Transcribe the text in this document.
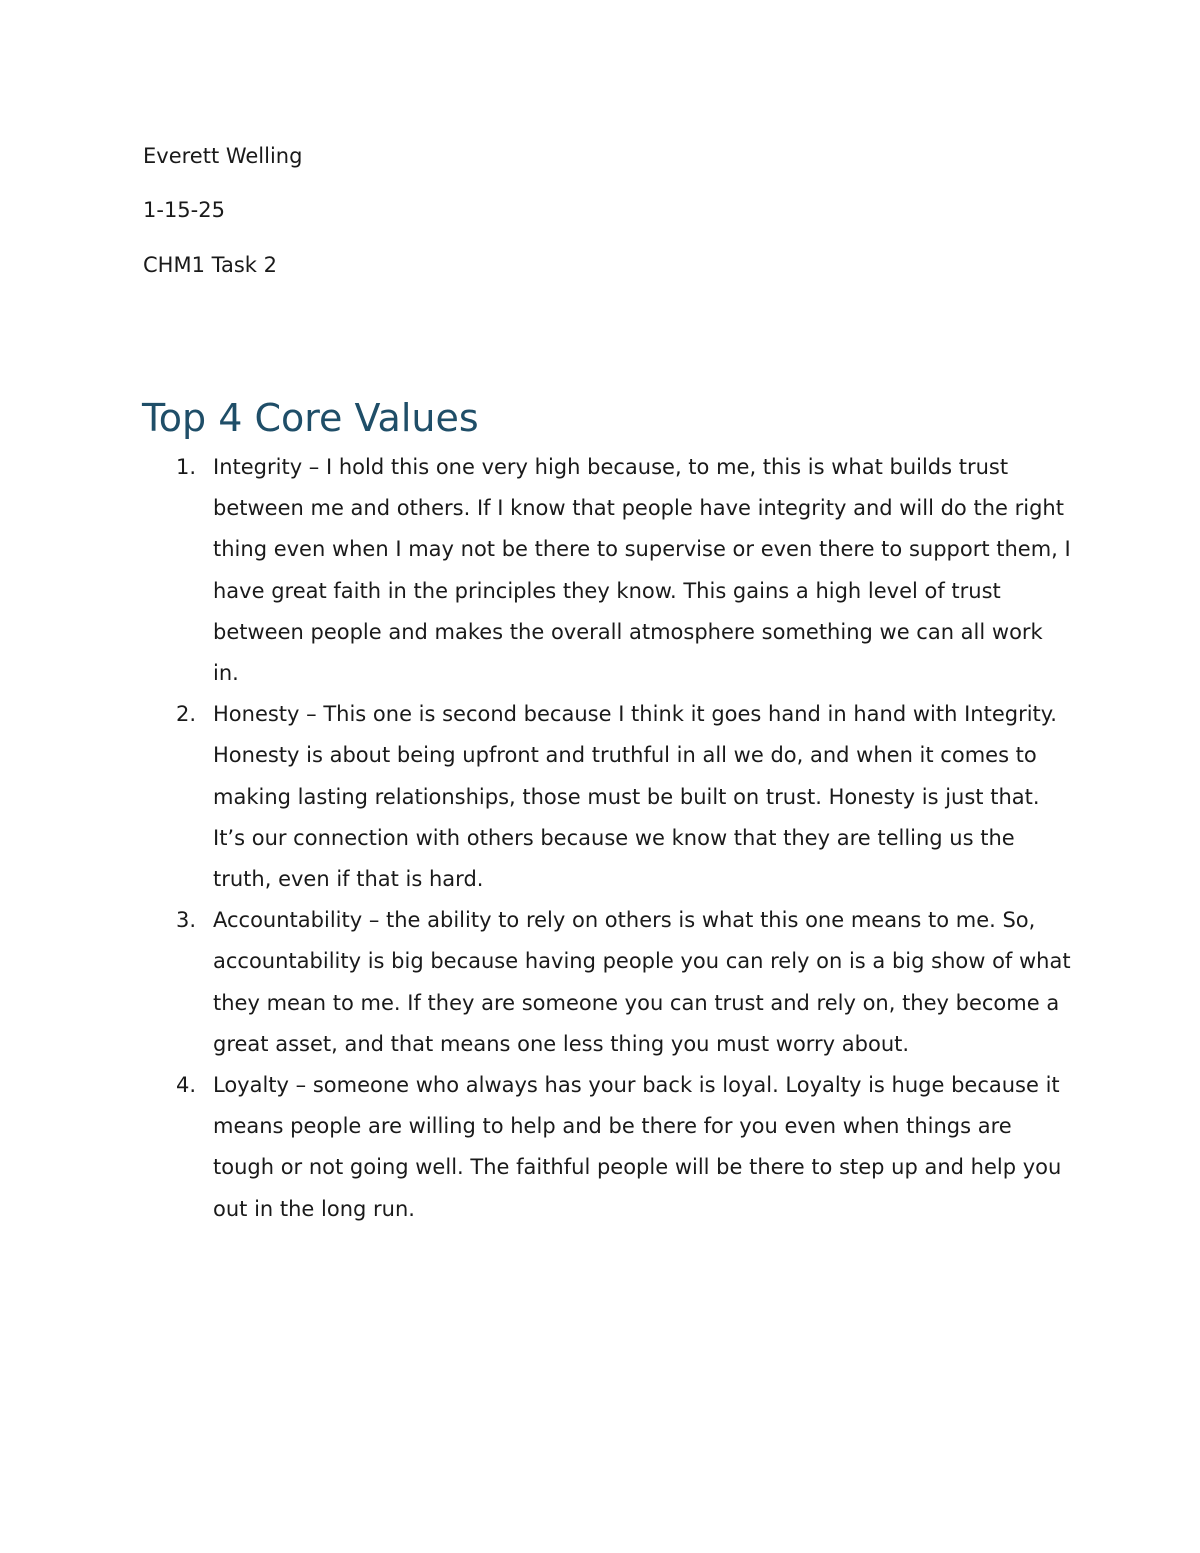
Everett Welling
1-15-25
CHM1 Task 2
Top 4 Core Values
1. Integrity – I hold this one very high because, to me, this is what builds trust between me and others. If I know that people have integrity and will do the right thing even when I may not be there to supervise or even there to support them, I have great faith in the principles they know. This gains a high level of trust between people and makes the overall atmosphere something we can all work in.
2. Honesty – This one is second because I think it goes hand in hand with Integrity. Honesty is about being upfront and truthful in all we do, and when it comes to making lasting relationships, those must be built on trust. Honesty is just that. It’s our connection with others because we know that they are telling us the truth, even if that is hard.
3. Accountability – the ability to rely on others is what this one means to me. So, accountability is big because having people you can rely on is a big show of what they mean to me. If they are someone you can trust and rely on, they become a great asset, and that means one less thing you must worry about.
4. Loyalty – someone who always has your back is loyal. Loyalty is huge because it means people are willing to help and be there for you even when things are tough or not going well. The faithful people will be there to step up and help you out in the long run.
